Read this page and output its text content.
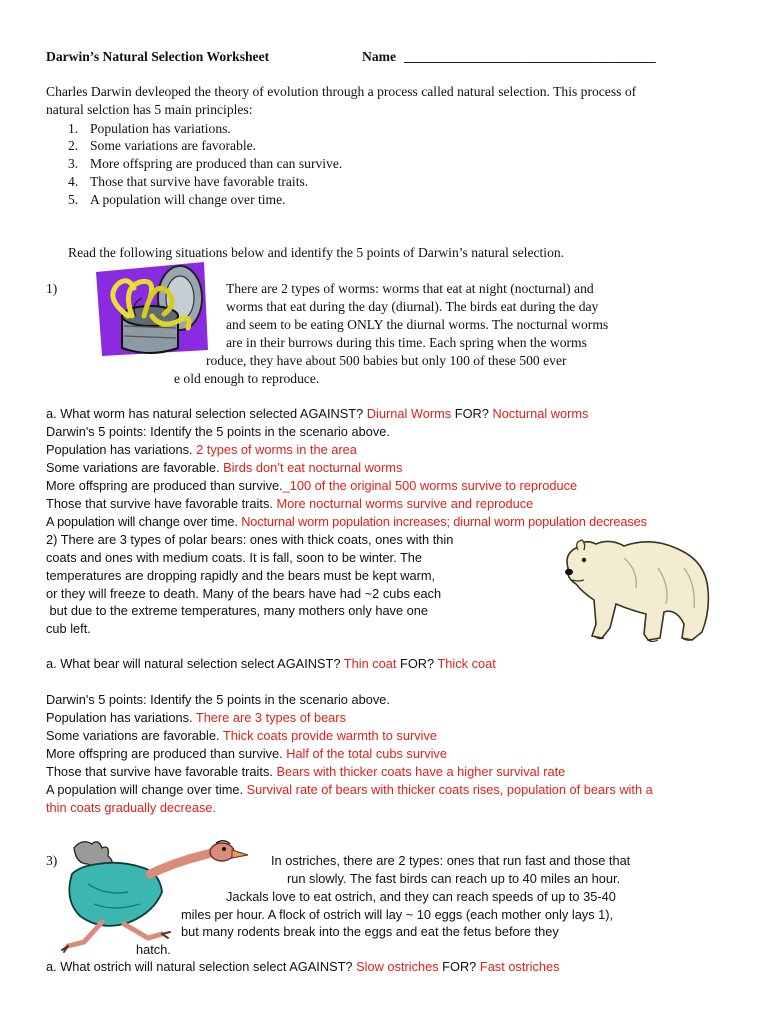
Darwin’s Natural Selection Worksheet	Name _____________________________________
Charles Darwin devleoped the theory of evolution through a process called natural selection. This process of
natural selction has 5 main principles:
1. Population has variations.
2. Some variations are favorable.
3. More offspring are produced than can survive.
4. Those that survive have favorable traits.
5. A population will change over time.
Read the following situations below and identify the 5 points of Darwin’s natural selection.
1)	There are 2 types of worms: worms that eat at night (nocturnal) and
worms that eat during the day (diurnal). The birds eat during the day
and seem to be eating ONLY the diurnal worms. The nocturnal worms
are in their burrows during this time. Each spring when the worms
roduce, they have about 500 babies but only 100 of these 500 ever
e old enough to reproduce.
a. What worm has natural selection selected AGAINST? Diurnal Worms FOR? Nocturnal worms
Darwin's 5 points: Identify the 5 points in the scenario above.
Population has variations. 2 types of worms in the area
Some variations are favorable. Birds don’t eat nocturnal worms
More offspring are produced than survive._100 of the original 500 worms survive to reproduce
Those that survive have favorable traits. More nocturnal worms survive and reproduce
A population will change over time. Nocturnal worm population increases; diurnal worm population decreases
2) There are 3 types of polar bears: ones with thick coats, ones with thin
coats and ones with medium coats. It is fall, soon to be winter. The
temperatures are dropping rapidly and the bears must be kept warm,
or they will freeze to death. Many of the bears have had ~2 cubs each
but due to the extreme temperatures, many mothers only have one
cub left.
a. What bear will natural selection select AGAINST? Thin coat FOR? Thick coat
Darwin's 5 points: Identify the 5 points in the scenario above.
Population has variations. There are 3 types of bears
Some variations are favorable. Thick coats provide warmth to survive
More offspring are produced than survive. Half of the total cubs survive
Those that survive have favorable traits. Bears with thicker coats have a higher survival rate
A population will change over time. Survival rate of bears with thicker coats rises, population of bears with a
thin coats gradually decrease.
3)	In ostriches, there are 2 types: ones that run fast and those that
run slowly. The fast birds can reach up to 40 miles an hour.
Jackals love to eat ostrich, and they can reach speeds of up to 35-40
miles per hour. A flock of ostrich will lay ~ 10 eggs (each mother only lays 1),
but many rodents break into the eggs and eat the fetus before they
hatch.
a. What ostrich will natural selection select AGAINST? Slow ostriches FOR? Fast ostriches
